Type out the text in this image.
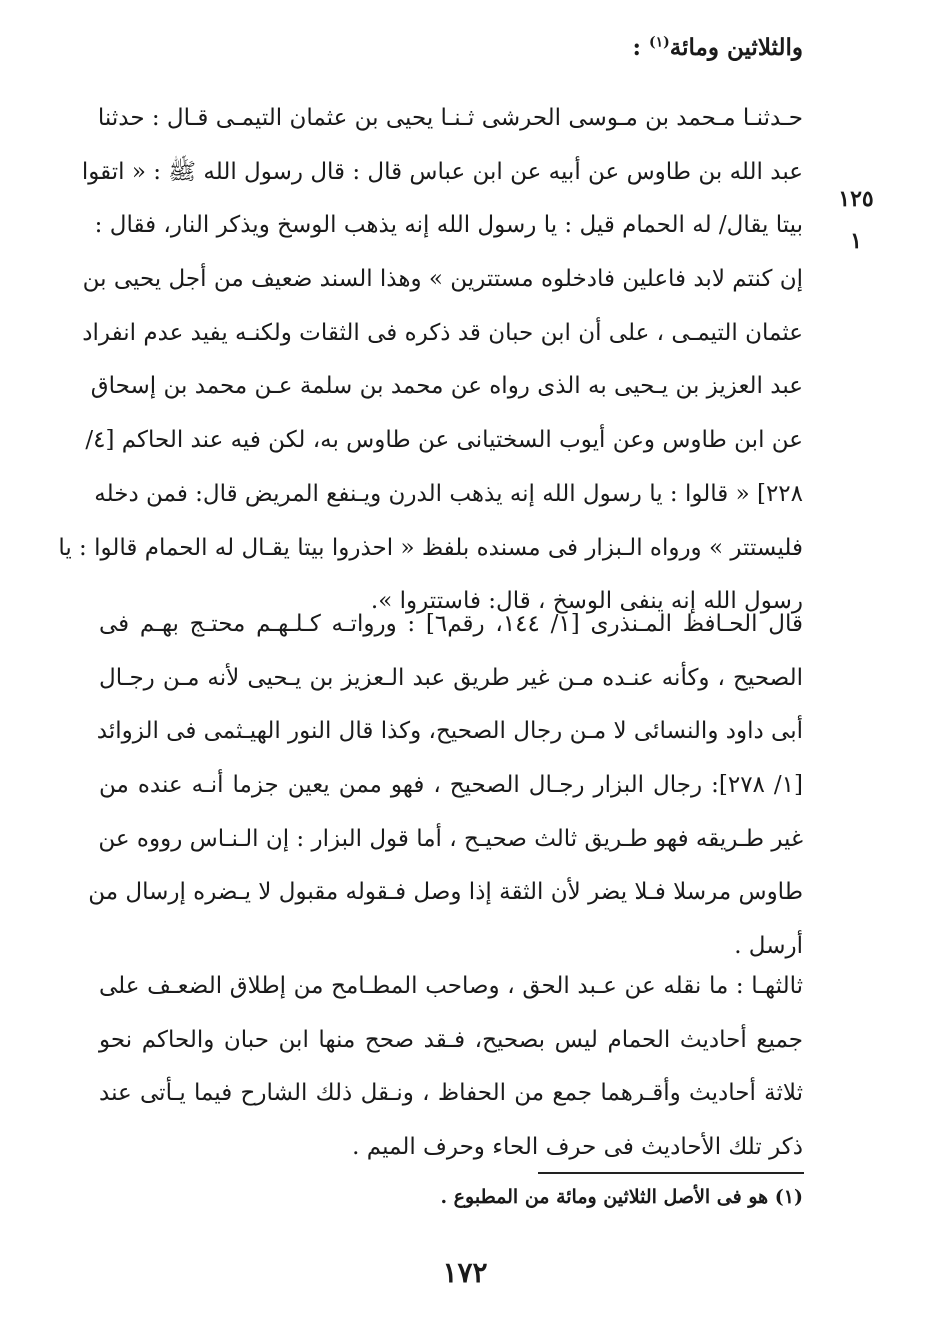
والثلاثين ومائة$^{(١)}$ :
١٢٥
١
حـدثنـا مـحمد بن مـوسى الحرشى ثـنـا يحيى بن عثمان التيمـى قـال : حدثنا
عبد الله بن طاوس عن أبيه عن ابن عباس قال : قال رسول الله ﷺ : « اتقوا
بيتا يقال/ له الحمام قيل : يا رسول الله إنه يذهب الوسخ ويذكر النار، فقال :
إن كنتم لابد فاعلين فادخلوه مستترين » وهذا السند ضعيف من أجل يحيى بن
عثمان التيمـى ، على أن ابن حبان قد ذكره فى الثقات ولكنـه يفيد عدم انفراد
عبد العزيز بن يـحيى به الذى رواه عن محمد بن سلمة عـن محمد بن إسحاق
عن ابن طاوس وعن أيوب السختيانى عن طاوس به، لكن فيه عند الحاكم [٤/
٢٢٨] « قالوا : يا رسول الله إنه يذهب الدرن ويـنفع المريض قال: فمن دخله
فليستتر » ورواه الـبزار فى مسنده بلفظ « احذروا بيتا يقـال له الحمام قالوا : يا
رسول الله إنه ينفى الوسخ ، قال: فاستتروا ».
قال الحـافظ المـنذرى [١/ ١٤٤، رقم٦] : ورواتـه كـلـهـم محتـج بهـم فى
الصحيح ، وكأنه عنـده مـن غير طريق عبد الـعزيز بن يـحيى لأنه مـن رجـال
أبى داود والنسائى لا مـن رجال الصحيح، وكذا قال النور الهيـثمى فى الزوائد
[١/ ٢٧٨]: رجال البزار رجـال الصحيح ، فهو ممن يعين جزما أنـه عنده من
غير طـريقه فهو طـريق ثالث صحيـح ، أما قول البزار : إن الـنـاس رووه عن
طاوس مرسلا فـلا يضر لأن الثقة إذا وصل فـقوله مقبول لا يـضره إرسال من
أرسل .
ثالثهـا : ما نقله عن عـبد الحق ، وصاحب المطـامح من إطلاق الضعـف على
جميع أحاديث الحمام ليس بصحيح، فـقد صحح منها ابن حبان والحاكم نحو
ثلاثة أحاديث وأقـرهما جمع من الحفاظ ، ونـقل ذلك الشارح فيما يـأتى عند
ذكر تلك الأحاديث فى حرف الحاء وحرف الميم .
(١) هو فى الأصل الثلاثين ومائة من المطبوع .
١٧٢
